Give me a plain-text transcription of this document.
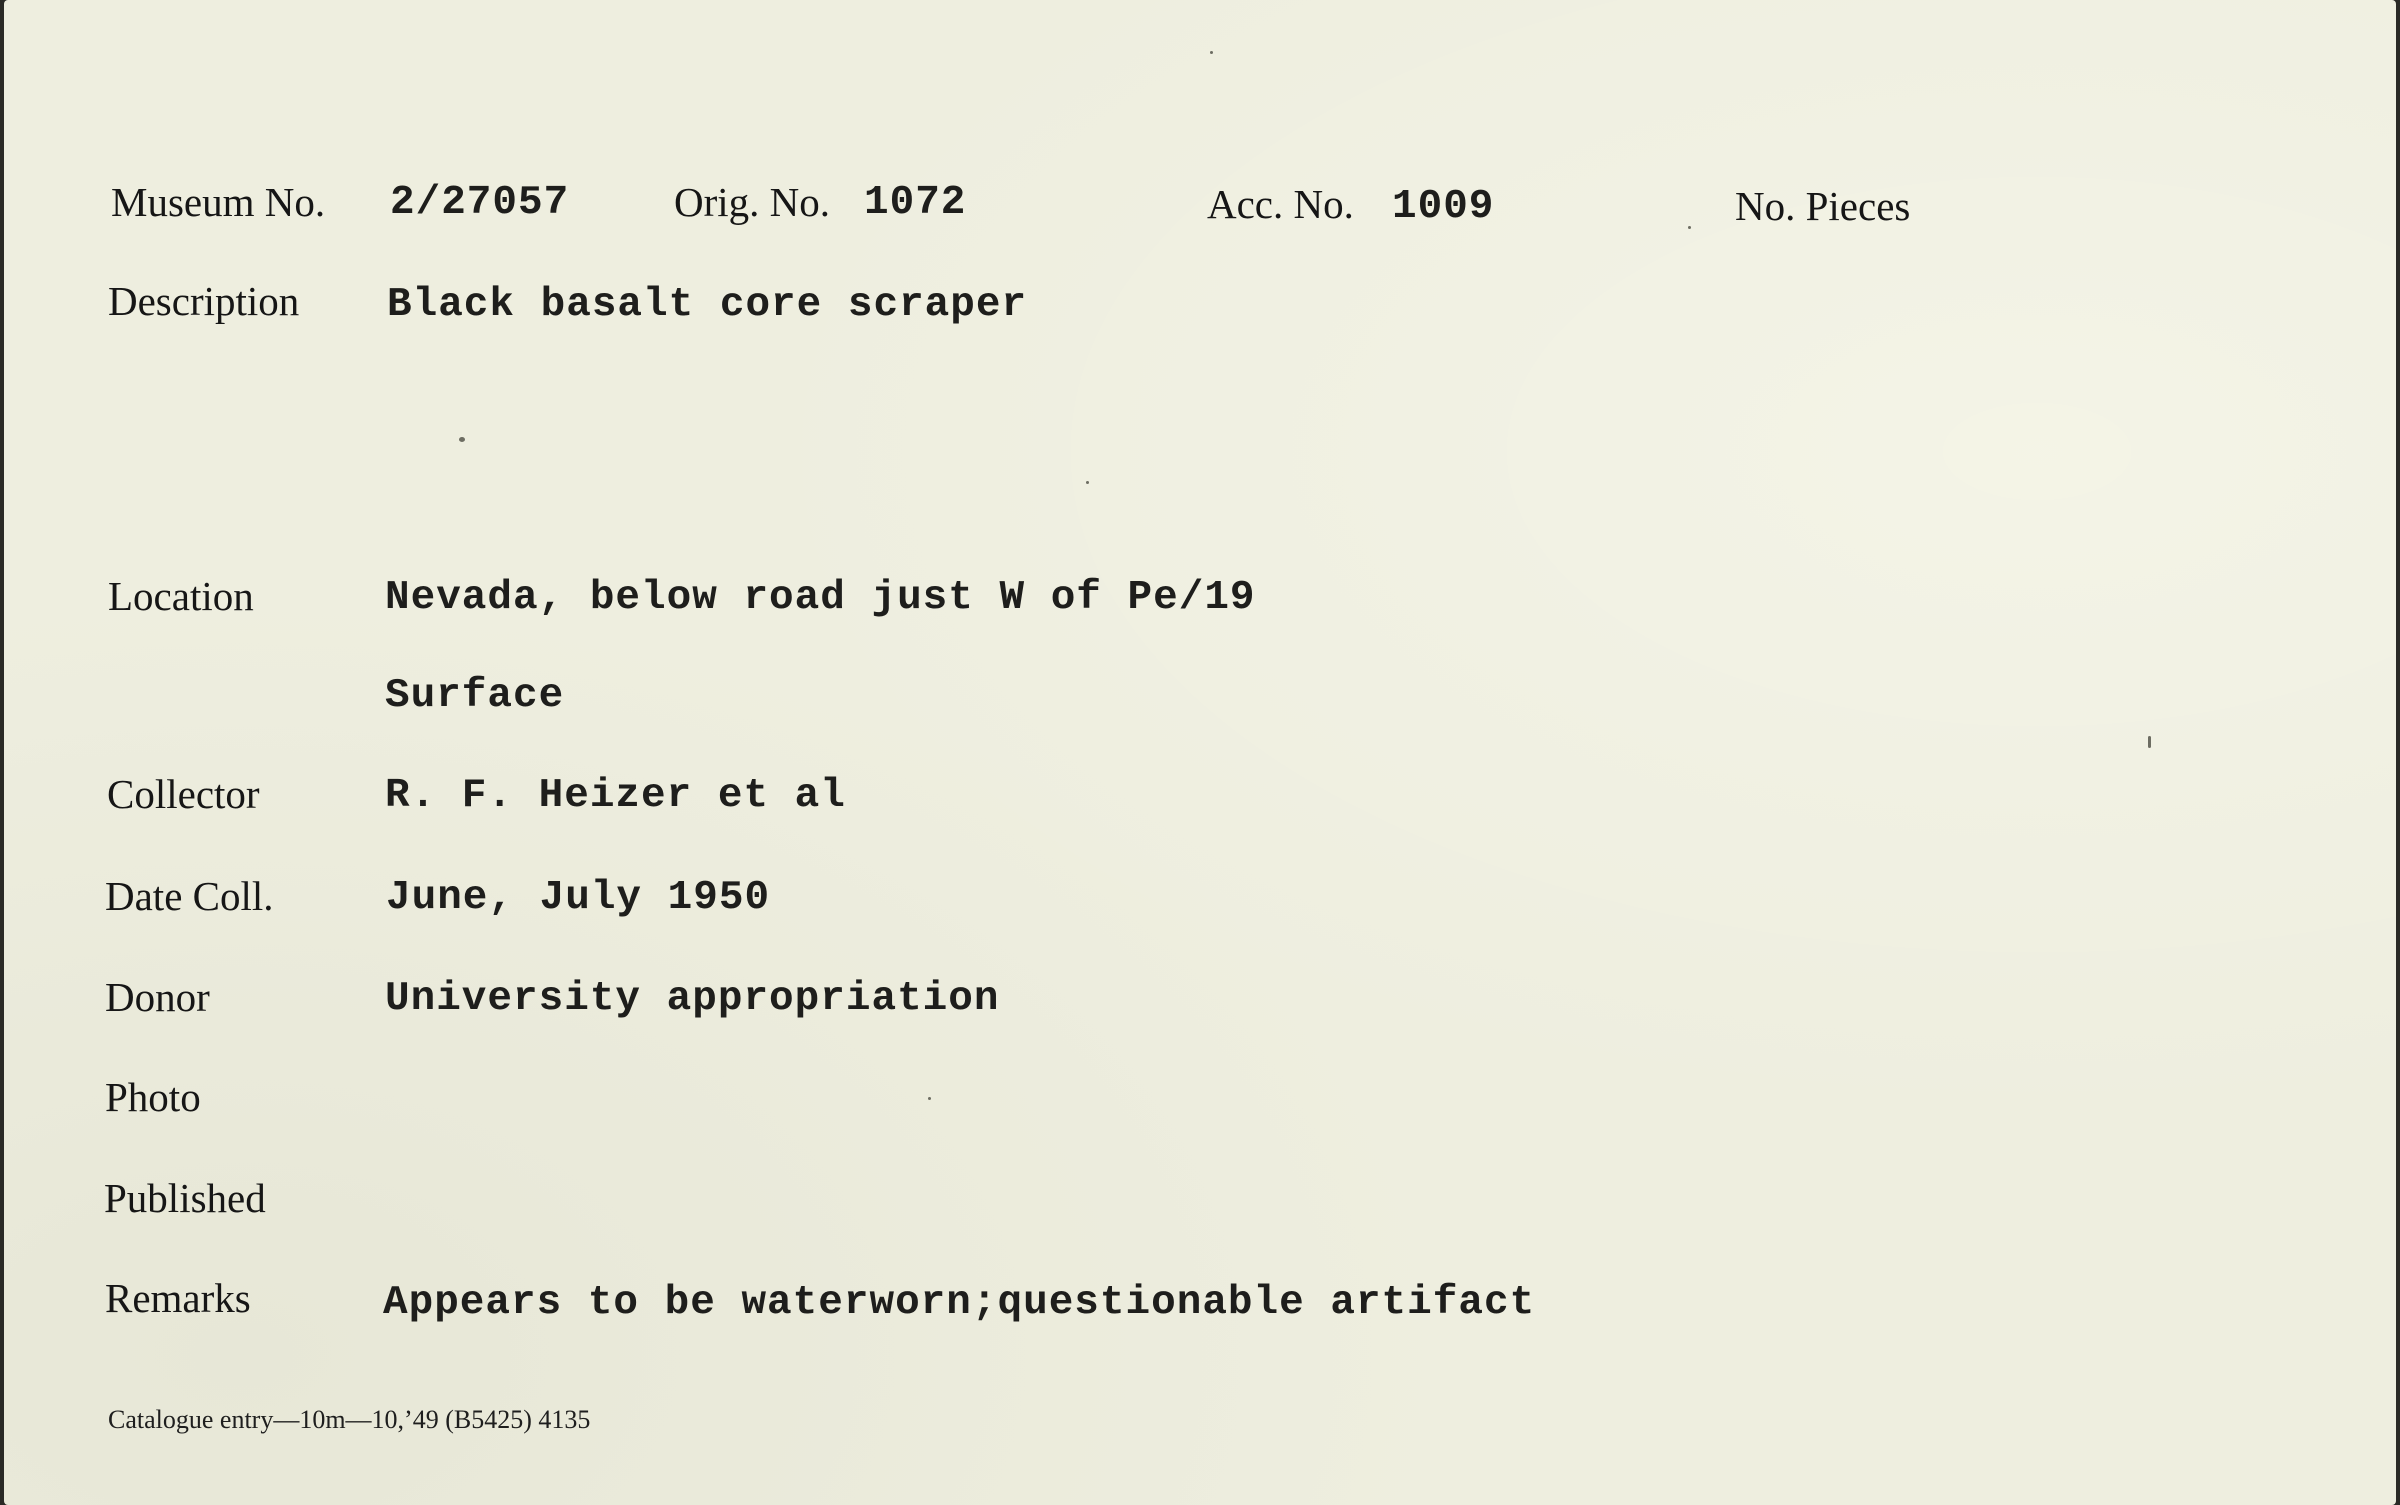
Museum No. 2/27057	Orig. No. 1072	Acc. No. 1009	No. Pieces
Description Black basalt core scraper
Location	Nevada, below road just W of Pe/19
Surface
Collector	R. F. Heizer et al
Date Coll.	June, July 1950
Donor	University appropriation
Photo
Published
Remarks	Appears to be waterworn;questionable artifact
Catalogue entry—10m—10,’49 (B5425) 4135
